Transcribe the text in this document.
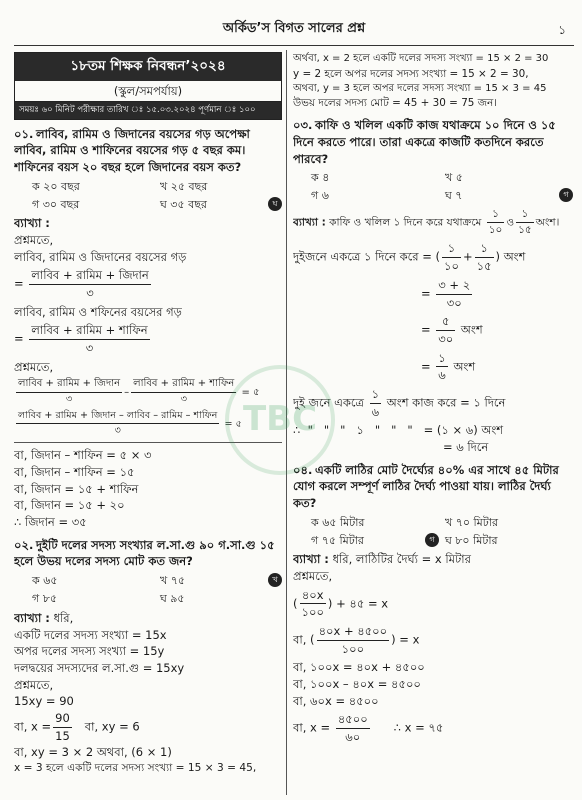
অর্কিড’স বিগত সালের প্রশ্ন	১
১৮তম শিক্ষক নিবন্ধন’২০২৪
(স্কুল/সমপর্যায়)
সময়ঃ ৬০ মিনিট পরীক্ষার তারিখ ঃ ১৫.০৩.২০২৪ পূর্ণমান ঃ ১০০
০১. লাবিব, রামিম ও জিদানের বয়সের গড় অপেক্ষা লাবিব, রামিম ও শাফিনের বয়সের গড় ৫ বছর কম। শাফিনের বয়স ২০ বছর হলে জিদানের বয়স কত?
ক ২০ বছর	খ ২৫ বছর
গ ৩০ বছর	ঘ ৩৫ বছর	ঘ
ব্যাখ্যা :
প্রশ্নমতে,
লাবিব, রামিম ও জিদানের বয়সের গড়
= $\frac{\text{লাবিব + রামিম + জিদান}}{৩}$
লাবিব, রামিম ও শফিনের বয়সের গড়
= $\frac{\text{লাবিব + রামিম + শাফিন}}{৩}$
প্রশ্নমতে,
$\frac{\text{লাবিব + রামিম + জিদান}}{৩} - \frac{\text{লাবিব + রামিম + শাফিন}}{৩}$ = ৫
$\frac{\text{লাবিব + রামিম + জিদান – লাবিব – রামিম – শাফিন}}{৩}$ = ৫
বা, জিদান – শাফিন = ৫ × ৩
বা, জিদান – শাফিন = ১৫
বা, জিদান = ১৫ + শাফিন
বা, জিদান = ১৫ + ২০
∴ জিদান = ৩৫
০২. দুইটি দলের সদস্য সংখ্যার ল.সা.গু ৯০ গ.সা.গু ১৫ হলে উভয় দলের সদস্য মোট কত জন?
ক ৬৫	খ ৭৫	খ
গ ৮৫	ঘ ৯৫
ব্যাখ্যা : ধরি,
একটি দলের সদস্য সংখ্যা = 15x
অপর দলের সদস্য সংখ্যা = 15y
দলদ্বয়ের সদস্যদের ল.সা.গু = 15xy
প্রশ্নমতে,
15xy = 90
বা, $x = \frac{90}{15}$ বা, xy = 6
বা, xy = 3 × 2 অথবা, (6 × 1)
x = 3 হলে একটি দলের সদস্য সংখ্যা = 15 × 3 = 45,
অর্থবা, x = 2 হলে একটি দলের সদস্য সংখ্যা = 15 × 2 = 30
y = 2 হলে অপর দলের সদস্য সংখ্যা = 15 × 2 = 30,
অথবা, y = 3 হলে অপর দলের সদস্য সংখ্যা = 15 × 3 = 45
উভয় দলের সদস্য মোট = 45 + 30 = 75 জন।
০৩. কাফি ও খলিল একটি কাজ যথাক্রমে ১০ দিনে ও ১৫ দিনে করতে পারে। তারা একত্রে কাজটি কতদিনে করতে পারবে?
ক ৪	খ ৫
গ ৬	ঘ ৭	গ
ব্যাখ্যা : কাফি ও খলিল ১ দিনে করে যথাক্রমে $\frac{১}{১০}$ ও $\frac{১}{১৫}$ অংশ।
দুইজনে একত্রে ১ দিনে করে = ( $\frac{১}{১০} + \frac{১}{১৫}$ ) অংশ
= $\frac{৩ + ২}{৩০}$
= $\frac{৫}{৩০}$ অংশ
= $\frac{১}{৬}$ অংশ
দুই জনে একত্রে $\frac{১}{৬}$ অংশ কাজ করে = ১ দিনে
∴  "   "   "   ১   "   "   "   = (১ × ৬) অংশ
= ৬ দিনে
০৪. একটি লাঠির মোট দৈর্ঘ্যের ৪০% এর সাথে ৪৫ মিটার যোগ করলে সম্পূর্ণ লাঠির দৈর্ঘ্য পাওয়া যায়। লাঠির দৈর্ঘ্য কত?
ক ৬৫ মিটার	খ ৭০ মিটার
গ ৭৫ মিটার	গ ঘ ৮০ মিটার
ব্যাখ্যা : ধরি, লাঠিটির দৈর্ঘ্য = x মিটার
প্রশ্নমতে,
( $\frac{৪০x}{১০০}$ ) + ৪৫ = x
বা, ( $\frac{৪০x + ৪৫০০}{১০০}$ ) = x
বা, ১০০x = ৪০x + ৪৫০০
বা, ১০০x – ৪০x = ৪৫০০
বা, ৬০x = ৪৫০০
বা, $x = \frac{৪৫০০}{৬০}$ ∴ x = ৭৫
TBC
